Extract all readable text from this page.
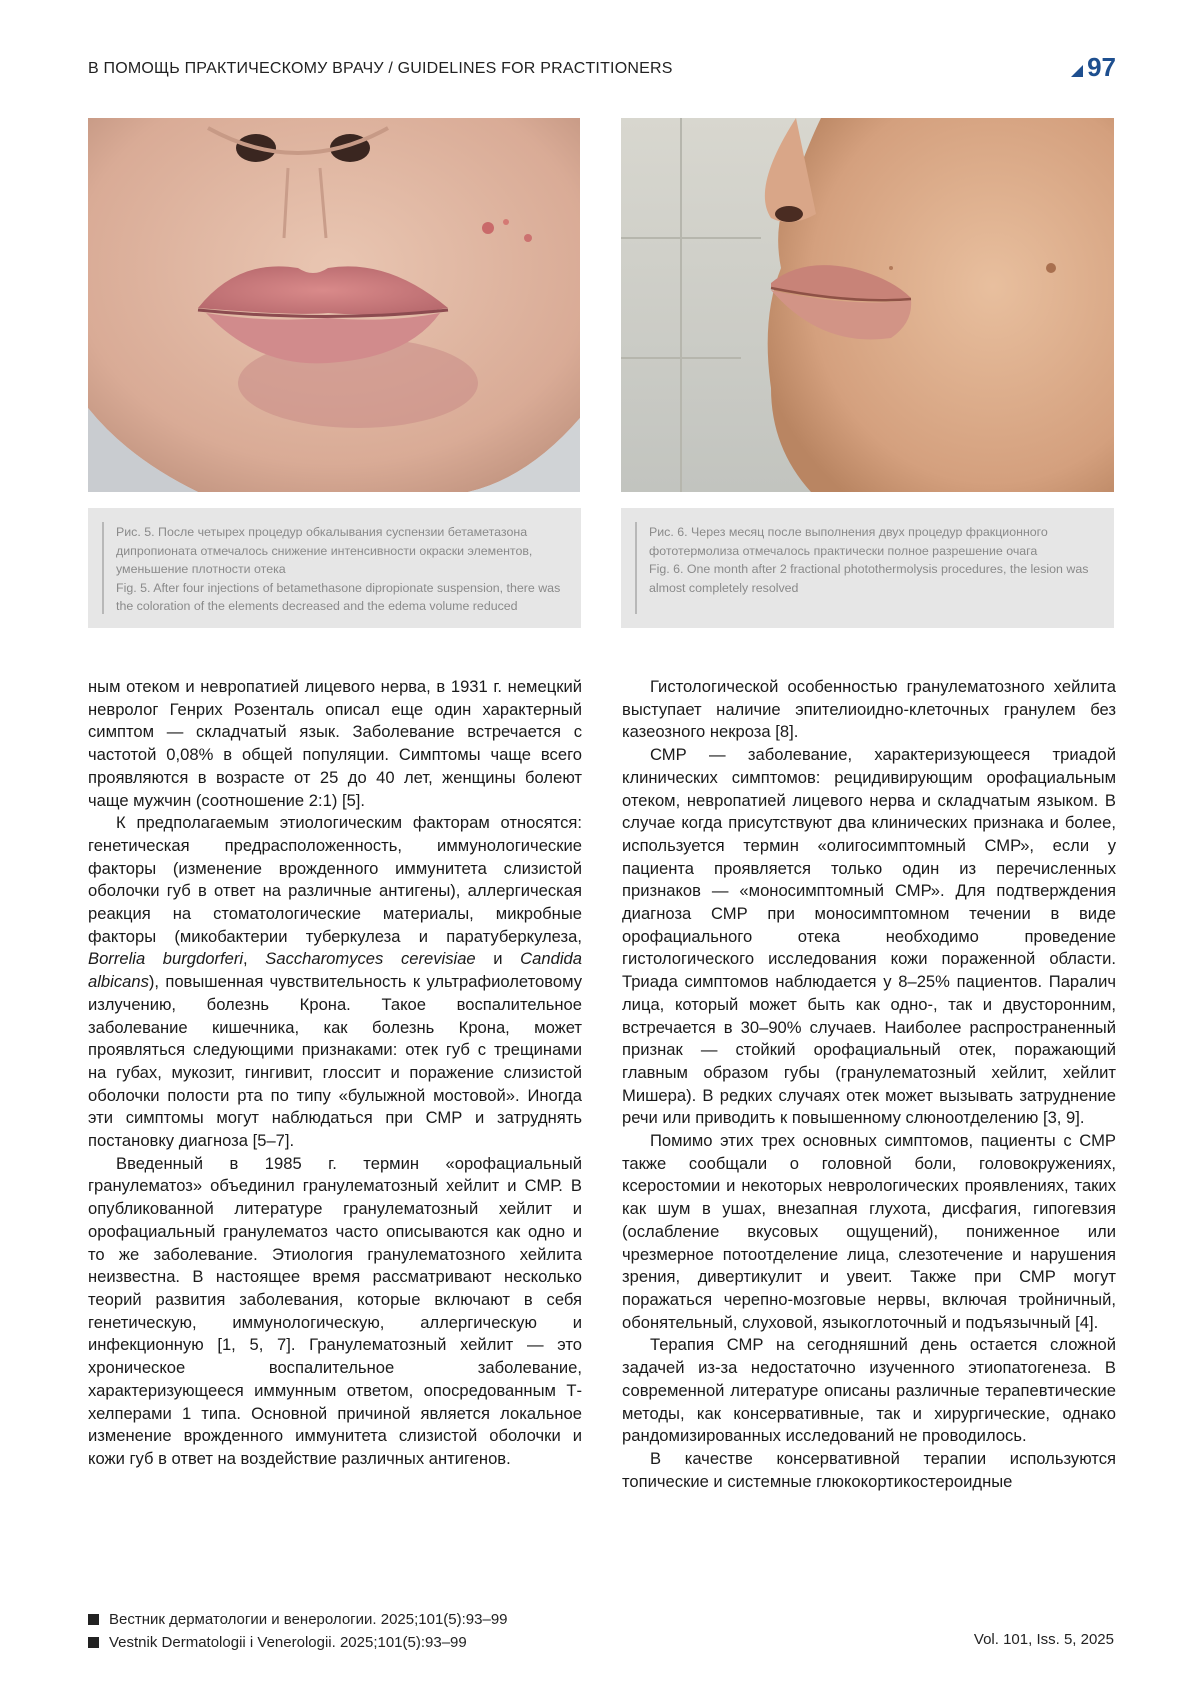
В ПОМОЩЬ ПРАКТИЧЕСКОМУ ВРАЧУ / GUIDELINES FOR PRACTITIONERS	97

Рис. 5. После четырех процедур обкалывания суспензии бетаметазона дипропионата отмечалось снижение интенсивности окраски элементов, уменьшение плотности отека

Fig. 5. After four injections of betamethasone dipropionate suspension, there was the coloration of the elements decreased and the edema volume reduced

Рис. 6. Через месяц после выполнения двух процедур фракционного фототермолиза отмечалось практически полное разрешение очага

Fig. 6. One month after 2 fractional photothermolysis procedures, the lesion was almost completely resolved

ным отеком и невропатией лицевого нерва, в 1931 г. немецкий невролог Генрих Розенталь описал еще один характерный симптом — складчатый язык. Заболевание встречается с частотой 0,08% в общей популяции. Симптомы чаще всего проявляются в возрасте от 25 до 40 лет, женщины болеют чаще мужчин (соотношение 2:1) [5].

К предполагаемым этиологическим факторам относятся: генетическая предрасположенность, иммунологические факторы (изменение врожденного иммунитета слизистой оболочки губ в ответ на различные антигены), аллергическая реакция на стоматологические материалы, микробные факторы (микобактерии туберкулеза и паратуберкулеза, Borrelia burgdorferi, Saccharomyces cerevisiae и Candida albicans), повышенная чувствительность к ультрафиолетовому излучению, болезнь Крона. Такое воспалительное заболевание кишечника, как болезнь Крона, может проявляться следующими признаками: отек губ с трещинами на губах, мукозит, гингивит, глоссит и поражение слизистой оболочки полости рта по типу «булыжной мостовой». Иногда эти симптомы могут наблюдаться при СМР и затруднять постановку диагноза [5–7].

Введенный в 1985 г. термин «орофациальный гранулематоз» объединил гранулематозный хейлит и СМР. В опубликованной литературе гранулематозный хейлит и орофациальный гранулематоз часто описываются как одно и то же заболевание. Этиология гранулематозного хейлита неизвестна. В настоящее время рассматривают несколько теорий развития заболевания, которые включают в себя генетическую, иммунологическую, аллергическую и инфекционную [1, 5, 7]. Гранулематозный хейлит — это хроническое воспалительное заболевание, характеризующееся иммунным ответом, опосредованным Т-хелперами 1 типа. Основной причиной является локальное изменение врожденного иммунитета слизистой оболочки и кожи губ в ответ на воздействие различных антигенов.

Гистологической особенностью гранулематозного хейлита выступает наличие эпителиоидно-клеточных гранулем без казеозного некроза [8].

СМР — заболевание, характеризующееся триадой клинических симптомов: рецидивирующим орофациальным отеком, невропатией лицевого нерва и складчатым языком. В случае когда присутствуют два клинических признака и более, используется термин «олигосимптомный СМР», если у пациента проявляется только один из перечисленных признаков — «моносимптомный СМР». Для подтверждения диагноза СМР при моносимптомном течении в виде орофациального отека необходимо проведение гистологического исследования кожи пораженной области. Триада симптомов наблюдается у 8–25% пациентов. Паралич лица, который может быть как одно-, так и двусторонним, встречается в 30–90% случаев. Наиболее распространенный признак — стойкий орофациальный отек, поражающий главным образом губы (гранулематозный хейлит, хейлит Мишера). В редких случаях отек может вызывать затруднение речи или приводить к повышенному слюноотделению [3, 9].

Помимо этих трех основных симптомов, пациенты с СМР также сообщали о головной боли, головокружениях, ксеростомии и некоторых неврологических проявлениях, таких как шум в ушах, внезапная глухота, дисфагия, гипогевзия (ослабление вкусовых ощущений), пониженное или чрезмерное потоотделение лица, слезотечение и нарушения зрения, дивертикулит и увеит. Также при СМР могут поражаться черепно-мозговые нервы, включая тройничный, обонятельный, слуховой, языкоглоточный и подъязычный [4].

Терапия СМР на сегодняшний день остается сложной задачей из-за недостаточно изученного этиопатогенеза. В современной литературе описаны различные терапевтические методы, как консервативные, так и хирургические, однако рандомизированных исследований не проводилось.

В качестве консервативной терапии используются топические и системные глюкокортикостероидные

Вестник дерматологии и венерологии. 2025;101(5):93–99
Vestnik Dermatologii i Venerologii. 2025;101(5):93–99	Vol. 101, Iss. 5, 2025
